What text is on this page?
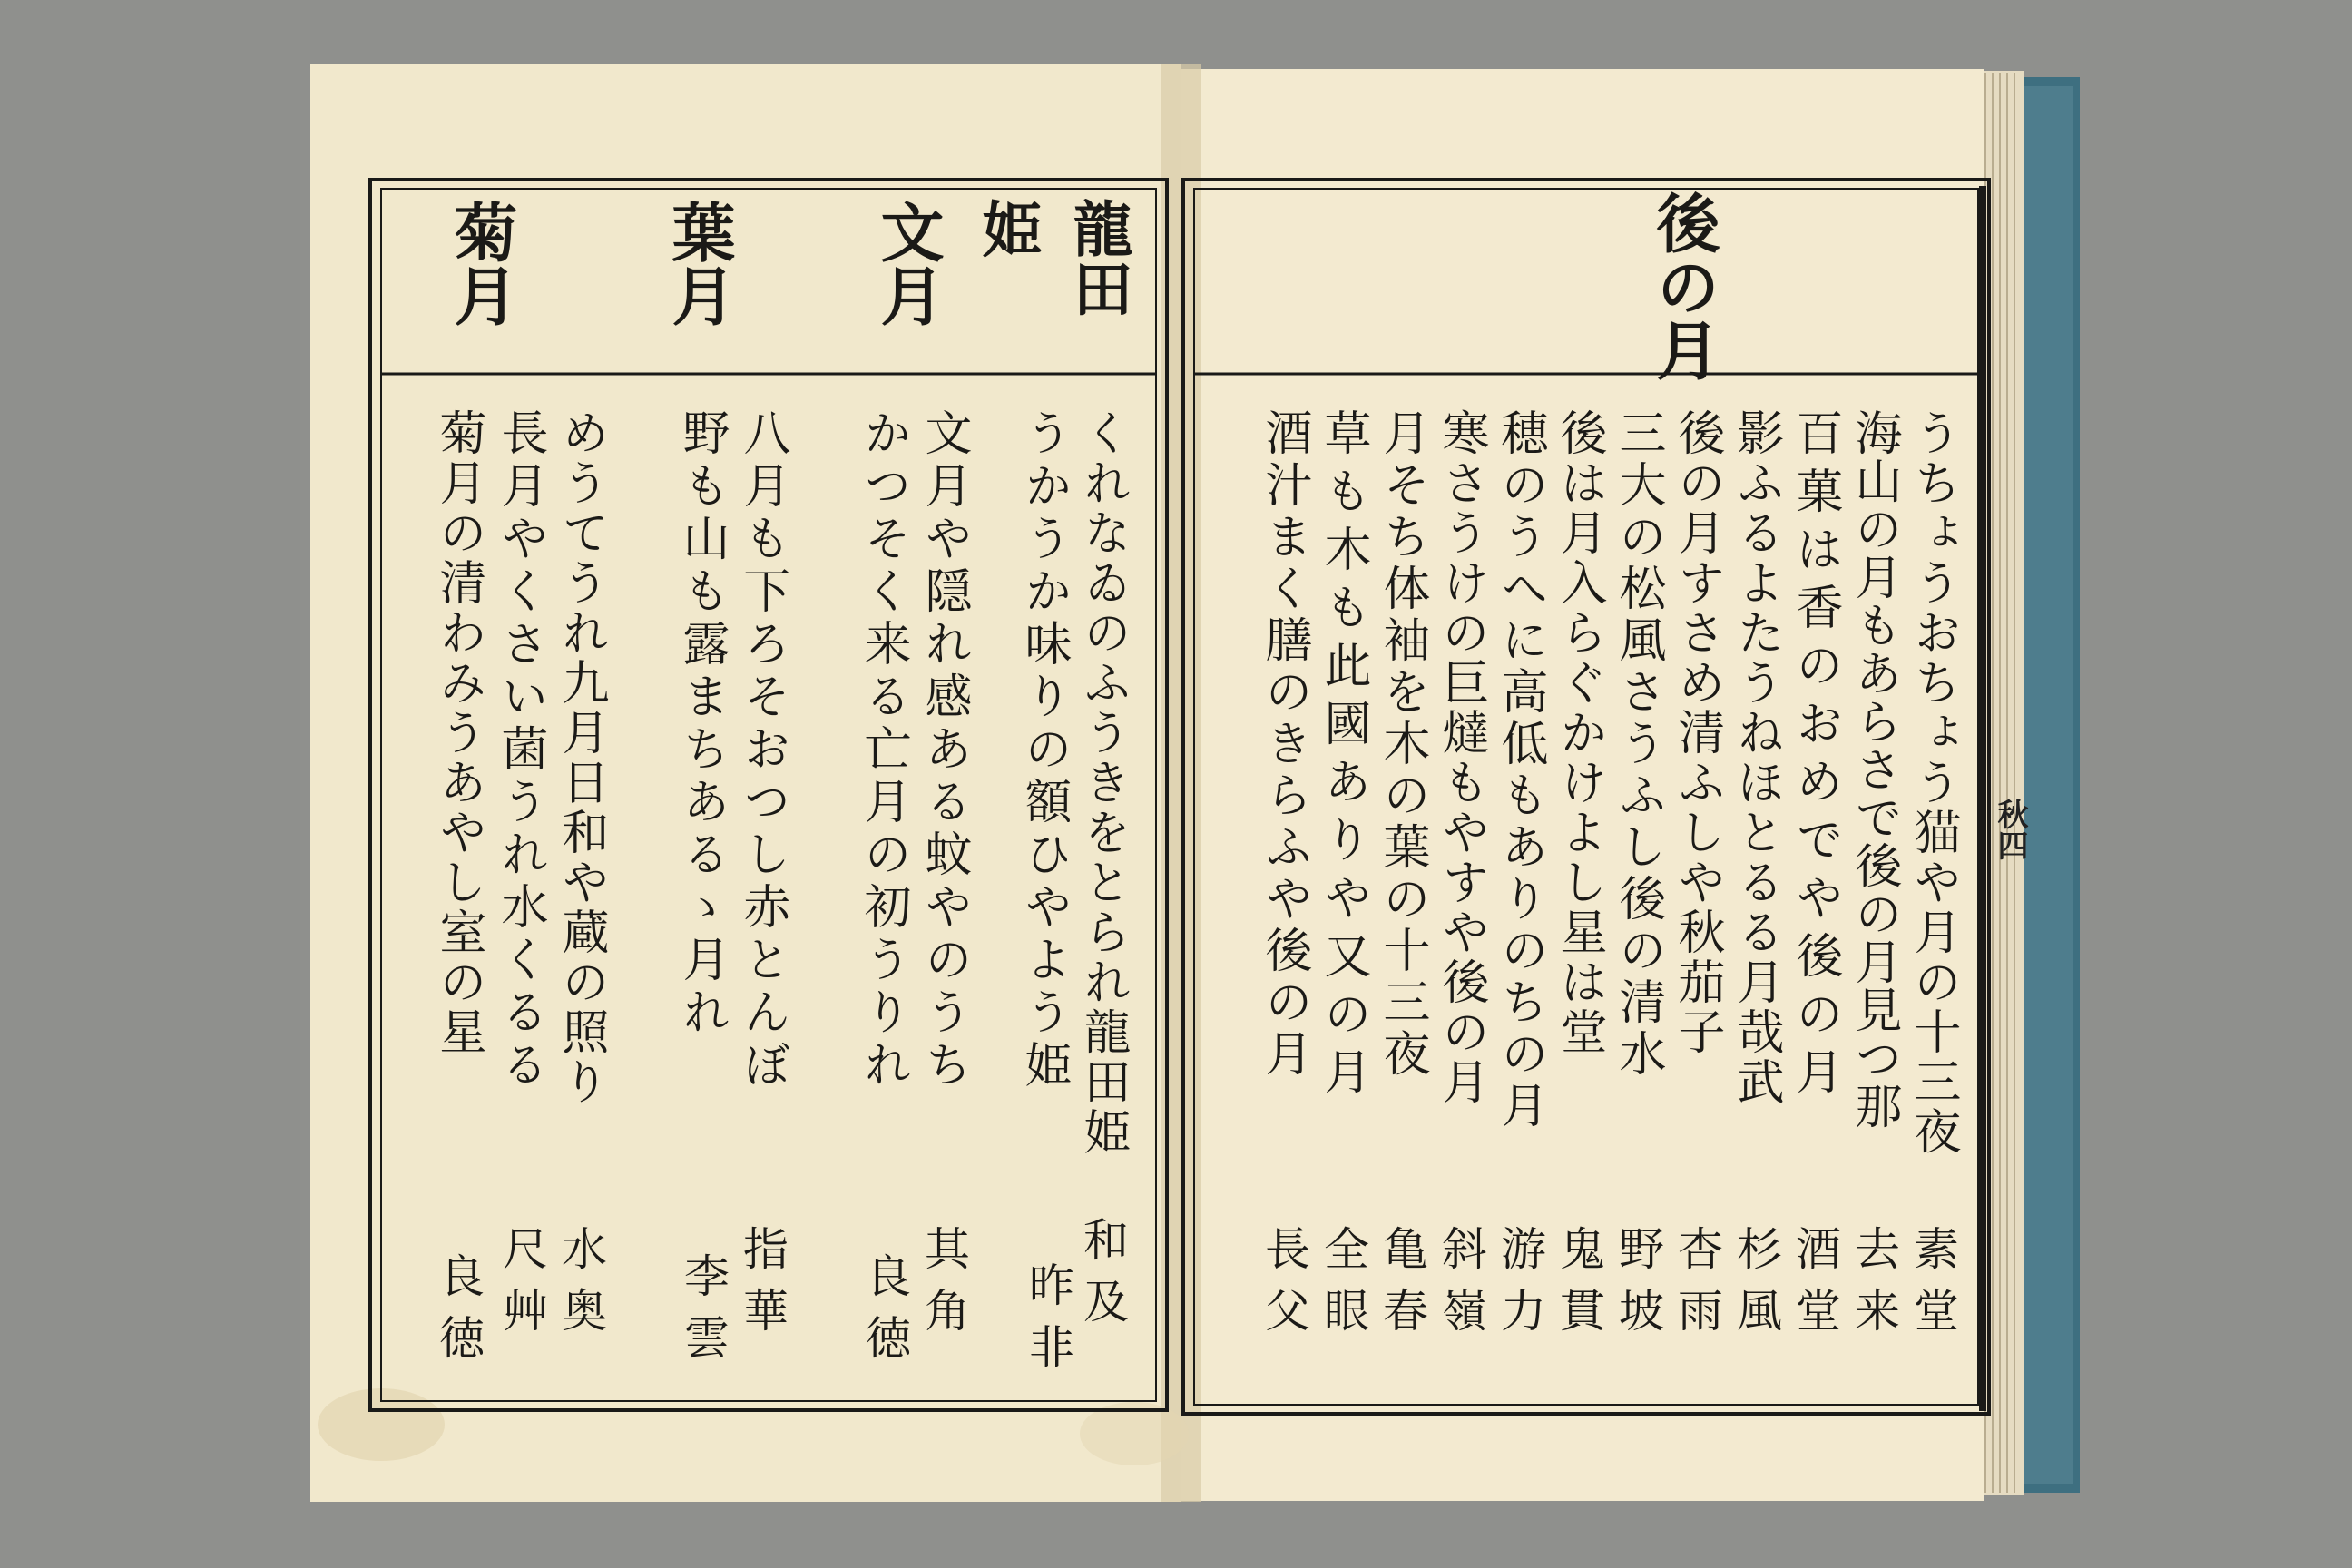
龍田姫
文月
葉月
菊月
くれなゐのふうきをとられ龍田姫
うかうか味りの額ひやよう姫
文月や隠れ感ある蚊やのうち
かつそく来る亡月の初うりれ
八月も下ろそおつし赤とんぼ
野も山も露まちあるゝ月れ
めうてうれ九月日和や蔵の照り
長月やくさい菌うれ水くるる
菊月の清わみうあやし室の星
和及
昨非
其角
良徳
指華
李雲
水奥
尺艸
良徳
後の月
うちょうおちょう猫や月の十三夜
海山の月もあらさで後の月見つ那
百菓は香のおめでや後の月
影ふるよたうねほとるる月哉武
後の月すさめ清ふしや秋茄子
三大の松風さうふし後の清水
後は月入らぐかけよし星は堂
穂のうへに高低もありのちの月
寒さうけの巨燵もやすや後の月
月そち体袖を木の葉の十三夜
草も木も此國ありや又の月
酒汁まく膳のきらふや後の月
素堂
去来
酒堂
杉風
杏雨
野坡
鬼貫
游力
斜嶺
亀春
全眼
長父
秋四
